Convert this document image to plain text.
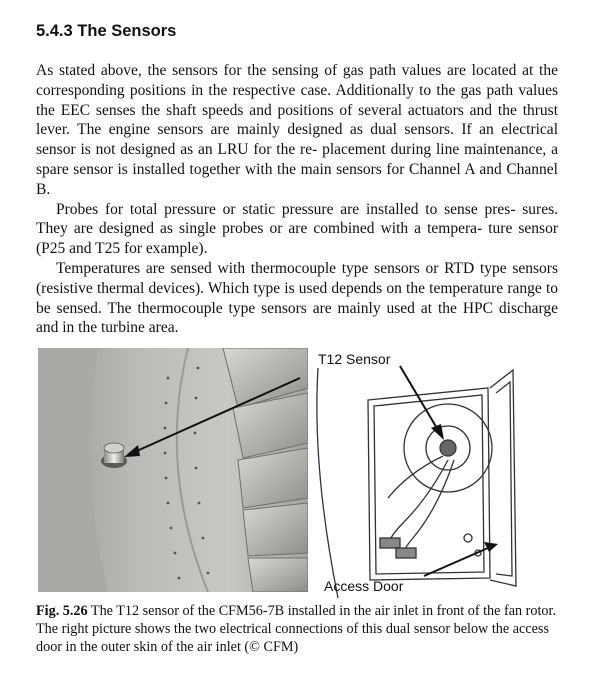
5.4.3 The Sensors

As stated above, the sensors for the sensing of gas path values are located at the corresponding positions in the respective case. Additionally to the gas path values the EEC senses the shaft speeds and positions of several actuators and the thrust lever. The engine sensors are mainly designed as dual sensors. If an electrical sensor is not designed as an LRU for the re- placement during line maintenance, a spare sensor is installed together with the main sensors for Channel A and Channel B.

Probes for total pressure or static pressure are installed to sense pres- sures. They are designed as single probes or are combined with a tempera- ture sensor (P25 and T25 for example).

Temperatures are sensed with thermocouple type sensors or RTD type sensors (resistive thermal devices). Which type is used depends on the temperature range to be sensed. The thermocouple type sensors are mainly used at the HPC discharge and in the turbine area.

T12 Sensor
Access Door

Fig. 5.26 The T12 sensor of the CFM56-7B installed in the air inlet in front of the fan rotor. The right picture shows the two electrical connections of this dual sensor below the access door in the outer skin of the air inlet (© CFM)
